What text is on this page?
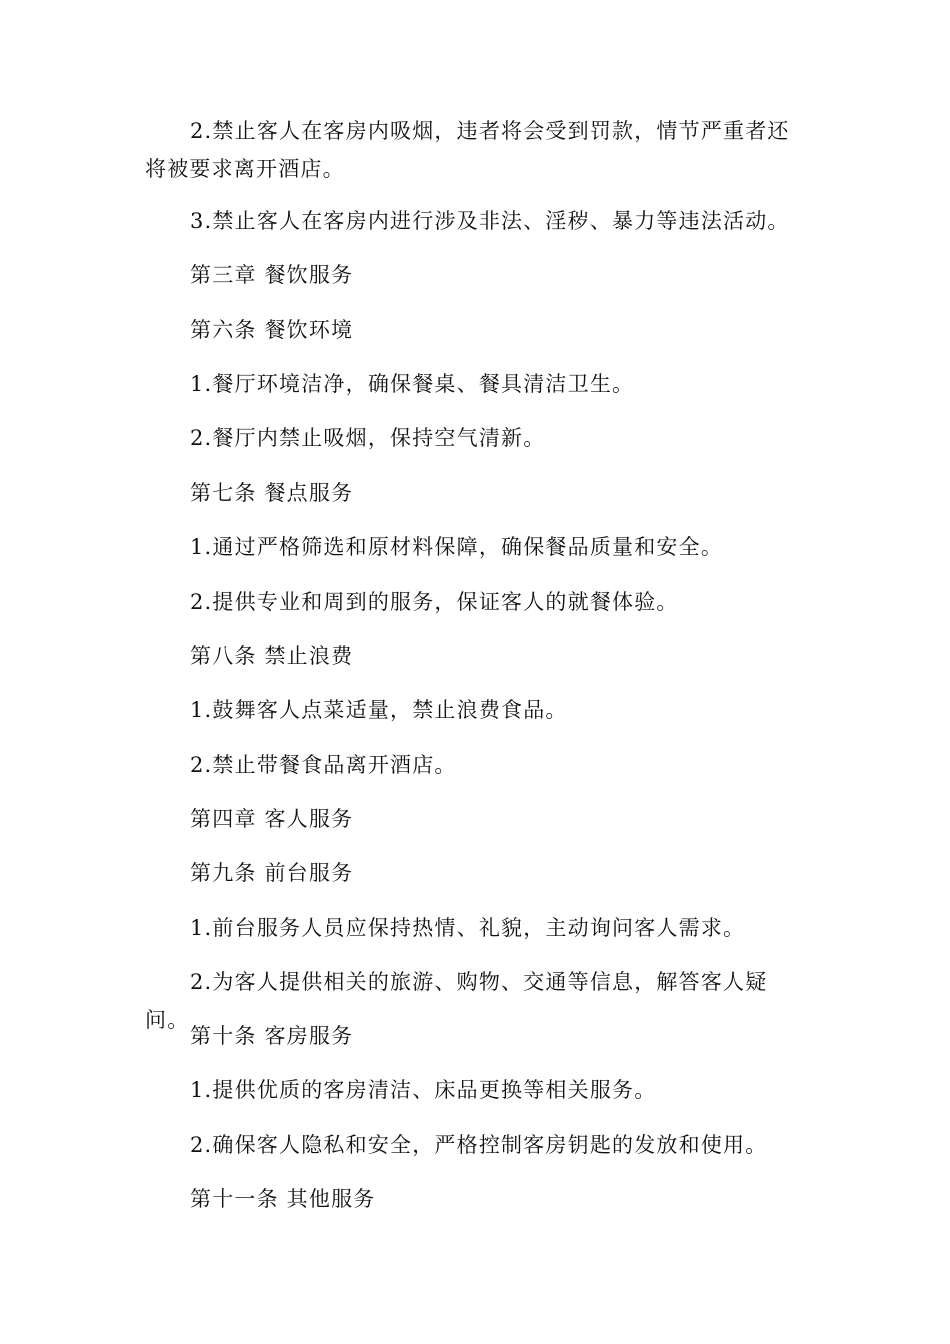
2.禁止客人在客房内吸烟，违者将会受到罚款，情节严重者还将被要求离开酒店。
3.禁止客人在客房内进行涉及非法、淫秽、暴力等违法活动。
第三章 餐饮服务
第六条 餐饮环境
1.餐厅环境洁净，确保餐桌、餐具清洁卫生。
2.餐厅内禁止吸烟，保持空气清新。
第七条 餐点服务
1.通过严格筛选和原材料保障，确保餐品质量和安全。
2.提供专业和周到的服务，保证客人的就餐体验。
第八条 禁止浪费
1.鼓舞客人点菜适量，禁止浪费食品。
2.禁止带餐食品离开酒店。
第四章 客人服务
第九条 前台服务
1.前台服务人员应保持热情、礼貌，主动询问客人需求。
2.为客人提供相关的旅游、购物、交通等信息，解答客人疑问。
第十条 客房服务
1.提供优质的客房清洁、床品更换等相关服务。
2.确保客人隐私和安全，严格控制客房钥匙的发放和使用。
第十一条 其他服务
